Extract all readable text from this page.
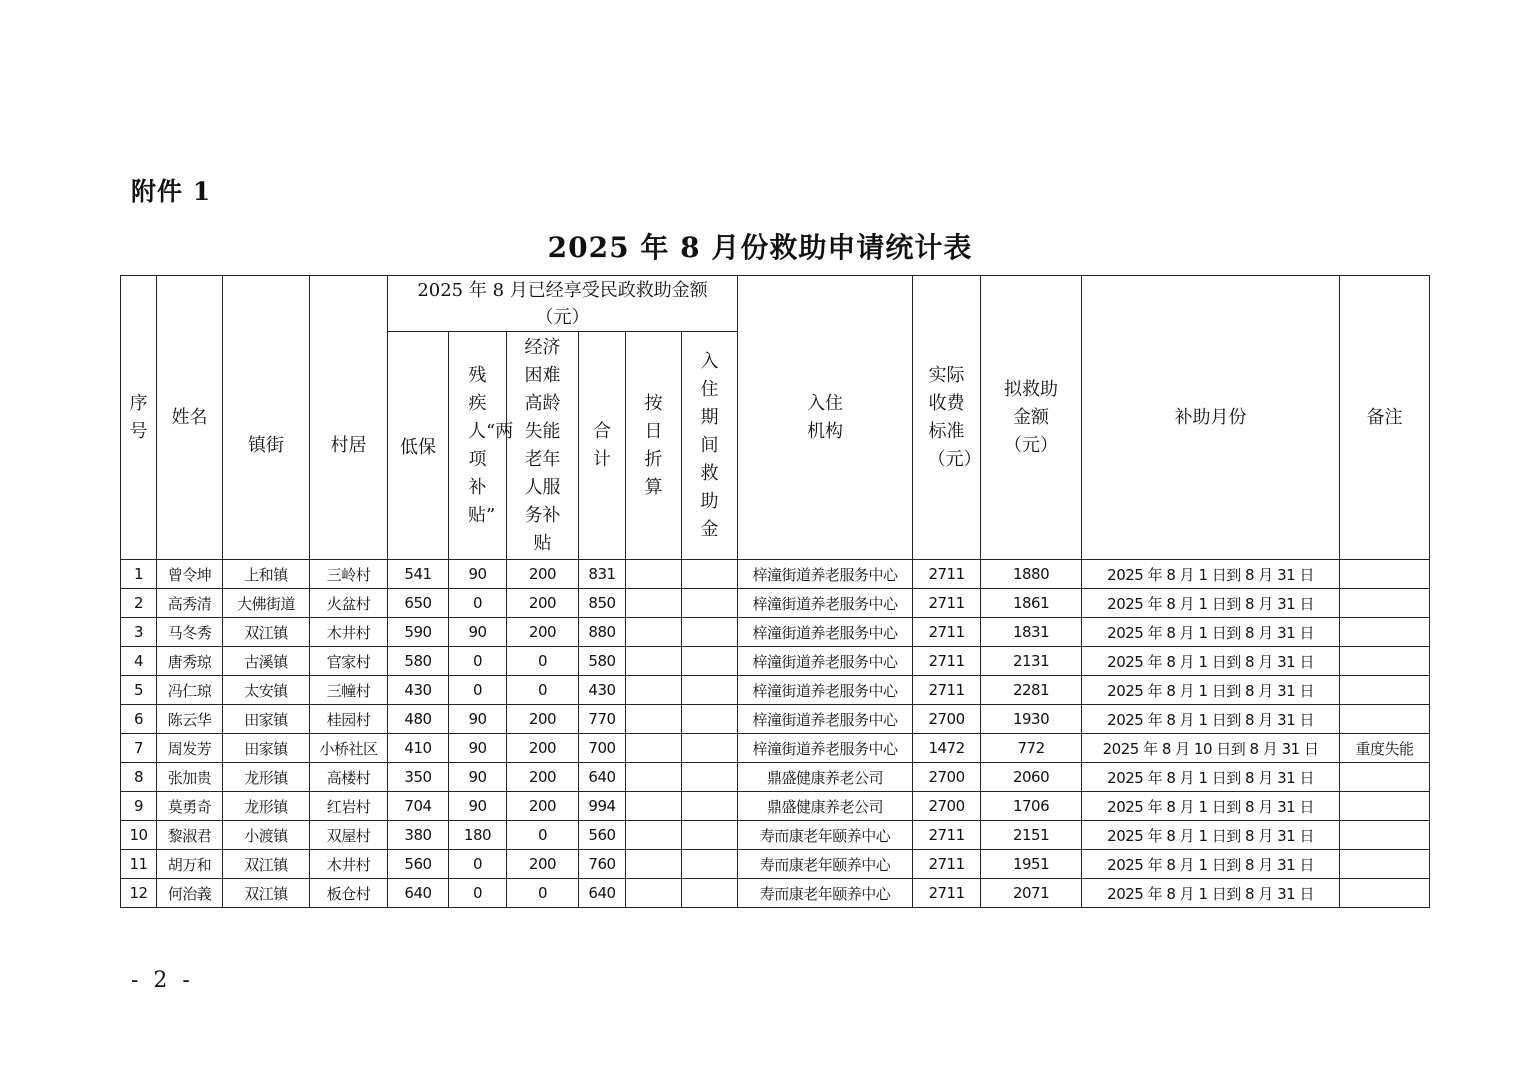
附件 1
2025 年 8 月份救助申请统计表
序号	姓名	镇街	村居	2025 年 8 月已经享受民政救助金额（元）						入住机构	实际收费标准（元）	拟救助金额（元）	补助月份	备注
				低保	残疾人“两项补贴”	经济困难高龄失能老年人服务补贴	合计	按日折算	入住期间救助金					

1	曾令坤	上和镇	三岭村	541	90	200	831			梓潼街道养老服务中心	2711	1880	2025 年 8 月 1 日到 8 月 31 日	
2	高秀清	大佛街道	火盆村	650	0	200	850			梓潼街道养老服务中心	2711	1861	2025 年 8 月 1 日到 8 月 31 日	
3	马冬秀	双江镇	木井村	590	90	200	880			梓潼街道养老服务中心	2711	1831	2025 年 8 月 1 日到 8 月 31 日	
4	唐秀琼	古溪镇	官家村	580	0	0	580			梓潼街道养老服务中心	2711	2131	2025 年 8 月 1 日到 8 月 31 日	
5	冯仁琼	太安镇	三幢村	430	0	0	430			梓潼街道养老服务中心	2711	2281	2025 年 8 月 1 日到 8 月 31 日	
6	陈云华	田家镇	桂园村	480	90	200	770			梓潼街道养老服务中心	2700	1930	2025 年 8 月 1 日到 8 月 31 日	
7	周发芳	田家镇	小桥社区	410	90	200	700			梓潼街道养老服务中心	1472	772	2025 年 8 月 10 日到 8 月 31 日	重度失能
8	张加贵	龙形镇	高楼村	350	90	200	640			鼎盛健康养老公司	2700	2060	2025 年 8 月 1 日到 8 月 31 日	
9	莫勇奇	龙形镇	红岩村	704	90	200	994			鼎盛健康养老公司	2700	1706	2025 年 8 月 1 日到 8 月 31 日	
10	黎淑君	小渡镇	双屋村	380	180	0	560			寿而康老年颐养中心	2711	2151	2025 年 8 月 1 日到 8 月 31 日	
11	胡万和	双江镇	木井村	560	0	200	760			寿而康老年颐养中心	2711	1951	2025 年 8 月 1 日到 8 月 31 日	
12	何治義	双江镇	板仓村	640	0	0	640			寿而康老年颐养中心	2711	2071	2025 年 8 月 1 日到 8 月 31 日	
- 2 -
